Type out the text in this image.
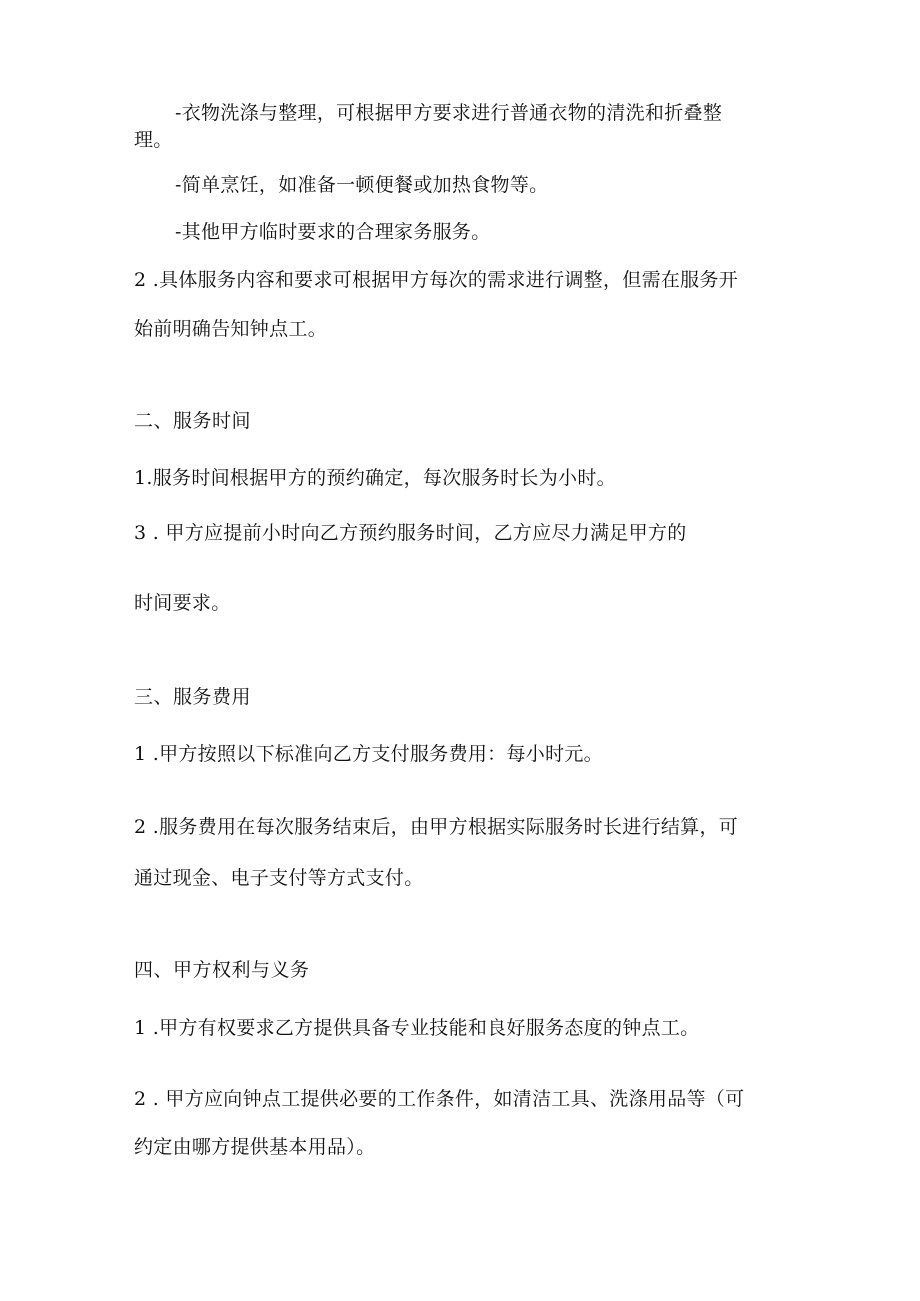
-衣物洗涤与整理，可根据甲方要求进行普通衣物的清洗和折叠整

理。

-简单烹饪，如准备一顿便餐或加热食物等。

-其他甲方临时要求的合理家务服务。

2 .具体服务内容和要求可根据甲方每次的需求进行调整，但需在服务开

始前明确告知钟点工。

二、服务时间

1.服务时间根据甲方的预约确定，每次服务时长为小时。

3 . 甲方应提前小时向乙方预约服务时间，乙方应尽力满足甲方的

时间要求。

三、服务费用

1 .甲方按照以下标准向乙方支付服务费用：每小时元。

2 .服务费用在每次服务结束后，由甲方根据实际服务时长进行结算，可

通过现金、电子支付等方式支付。

四、甲方权利与义务

1 .甲方有权要求乙方提供具备专业技能和良好服务态度的钟点工。

2 . 甲方应向钟点工提供必要的工作条件，如清洁工具、洗涤用品等（可

约定由哪方提供基本用品）。
